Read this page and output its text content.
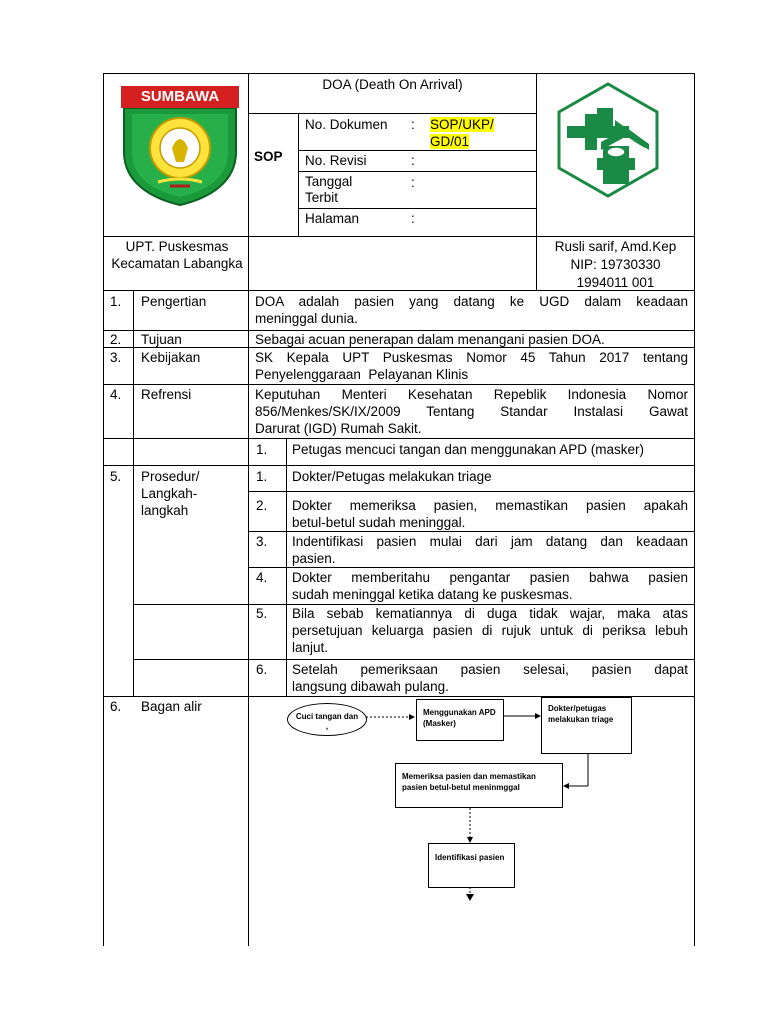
SUMBAWA
DOA (Death On Arrival)
SOP
No. Dokumen : SOP/UKP/
GD/01
No. Revisi	:
Tanggal
Terbit
:
Halaman	:
UPT. Puskesmas Kecamatan Labangka
Rusli sarif, Amd.Kep
NIP: 19730330
1994011 001
1. Pengertian	DOA adalah pasien yang datang ke UGD dalam keadaan
meninggal dunia.
2. Tujuan	Sebagai acuan penerapan dalam menangani pasien DOA.
3. Kebijakan	SK Kepala UPT Puskesmas Nomor 45 Tahun 2017 tentang
Penyelenggaraan  Pelayanan Klinis
4. Refrensi	Keputuhan Menteri Kesehatan Repeblik Indonesia Nomor
856/Menkes/SK/IX/2009 Tentang Standar Instalasi Gawat
Darurat (IGD) Rumah Sakit.
1. Petugas mencuci tangan dan menggunakan APD (masker)
5. Prosedur/
Langkah-
langkah
1. Dokter/Petugas melakukan triage
2. Dokter memeriksa pasien, memastikan pasien apakah
betul-betul sudah meninggal.
3. Indentifikasi pasien mulai dari jam datang dan keadaan
pasien.
4. Dokter memberitahu pengantar pasien bahwa pasien
sudah meninggal ketika datang ke puskesmas.
5. Bila sebab kematiannya di duga tidak wajar, maka atas
persetujuan keluarga pasien di rujuk untuk di periksa lebuh
lanjut.
6. Setelah pemeriksaan pasien selesai, pasien dapat
langsung dibawah pulang.
6. Bagan alir
Cuci tangan dan
,
Menggunakan APD (Masker)
Dokter/petugas melakukan triage
Memeriksa pasien dan memastikan pasien betul-betul meninmggal
Identifikasi pasien
